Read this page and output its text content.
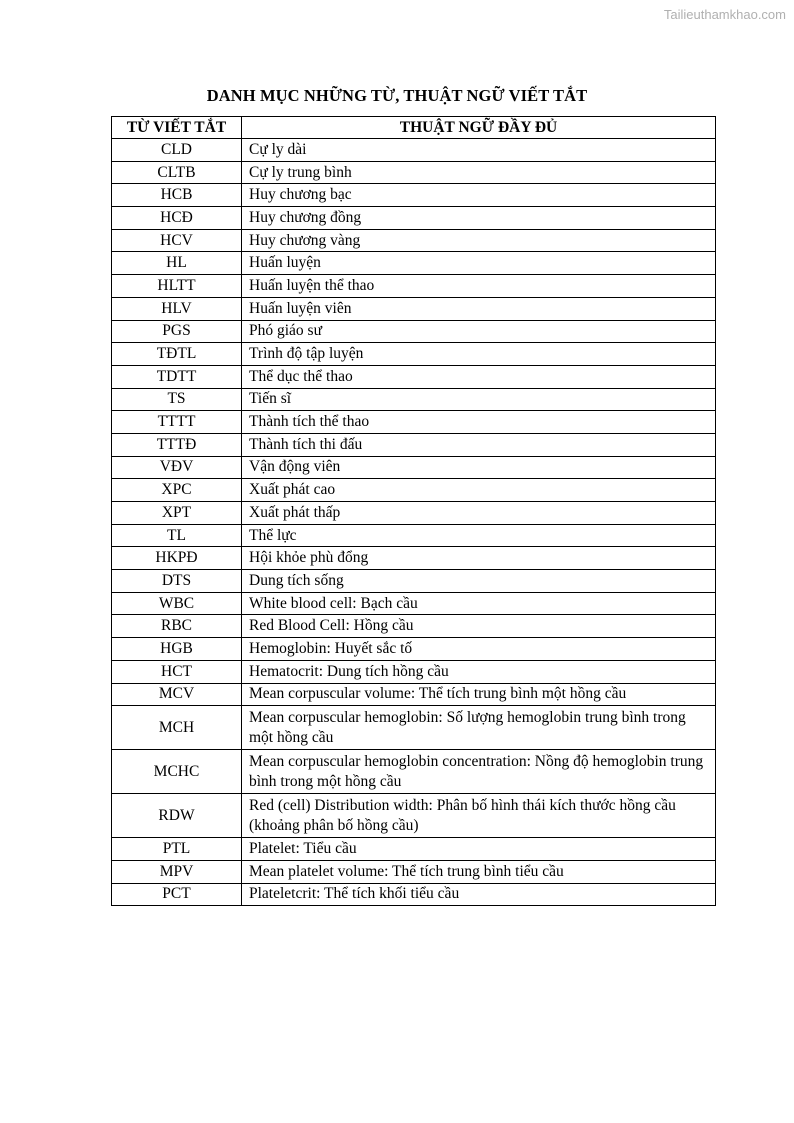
Tailieuthamkhao.com
DANH MỤC NHỮNG TỪ, THUẬT NGỮ VIẾT TẮT
TỪ VIẾT TẮT	THUẬT NGỮ ĐẦY ĐỦ
CLD	Cự ly dài
CLTB	Cự ly trung bình
HCB	Huy chương bạc
HCĐ	Huy chương đồng
HCV	Huy chương vàng
HL	Huấn luyện
HLTT	Huấn luyện thể thao
HLV	Huấn luyện viên
PGS	Phó giáo sư
TĐTL	Trình độ tập luyện
TDTT	Thể dục thể thao
TS	Tiến sĩ
TTTT	Thành tích thể thao
TTTĐ	Thành tích thi đấu
VĐV	Vận động viên
XPC	Xuất phát cao
XPT	Xuất phát thấp
TL	Thể lực
HKPĐ	Hội khỏe phù đổng
DTS	Dung tích sống
WBC	White blood cell: Bạch cầu
RBC	Red Blood Cell: Hồng cầu
HGB	Hemoglobin: Huyết sắc tố
HCT	Hematocrit: Dung tích hồng cầu
MCV	Mean corpuscular volume: Thể tích trung bình một hồng cầu
MCH	Mean corpuscular hemoglobin: Số lượng hemoglobin trung bình trong một hồng cầu
MCHC	Mean corpuscular hemoglobin concentration: Nồng độ hemoglobin trung bình trong một hồng cầu
RDW	Red (cell) Distribution width: Phân bố hình thái kích thước hồng cầu (khoảng phân bố hồng cầu)
PTL	Platelet: Tiểu cầu
MPV	Mean platelet volume: Thể tích trung bình tiểu cầu
PCT	Plateletcrit: Thể tích khối tiểu cầu
